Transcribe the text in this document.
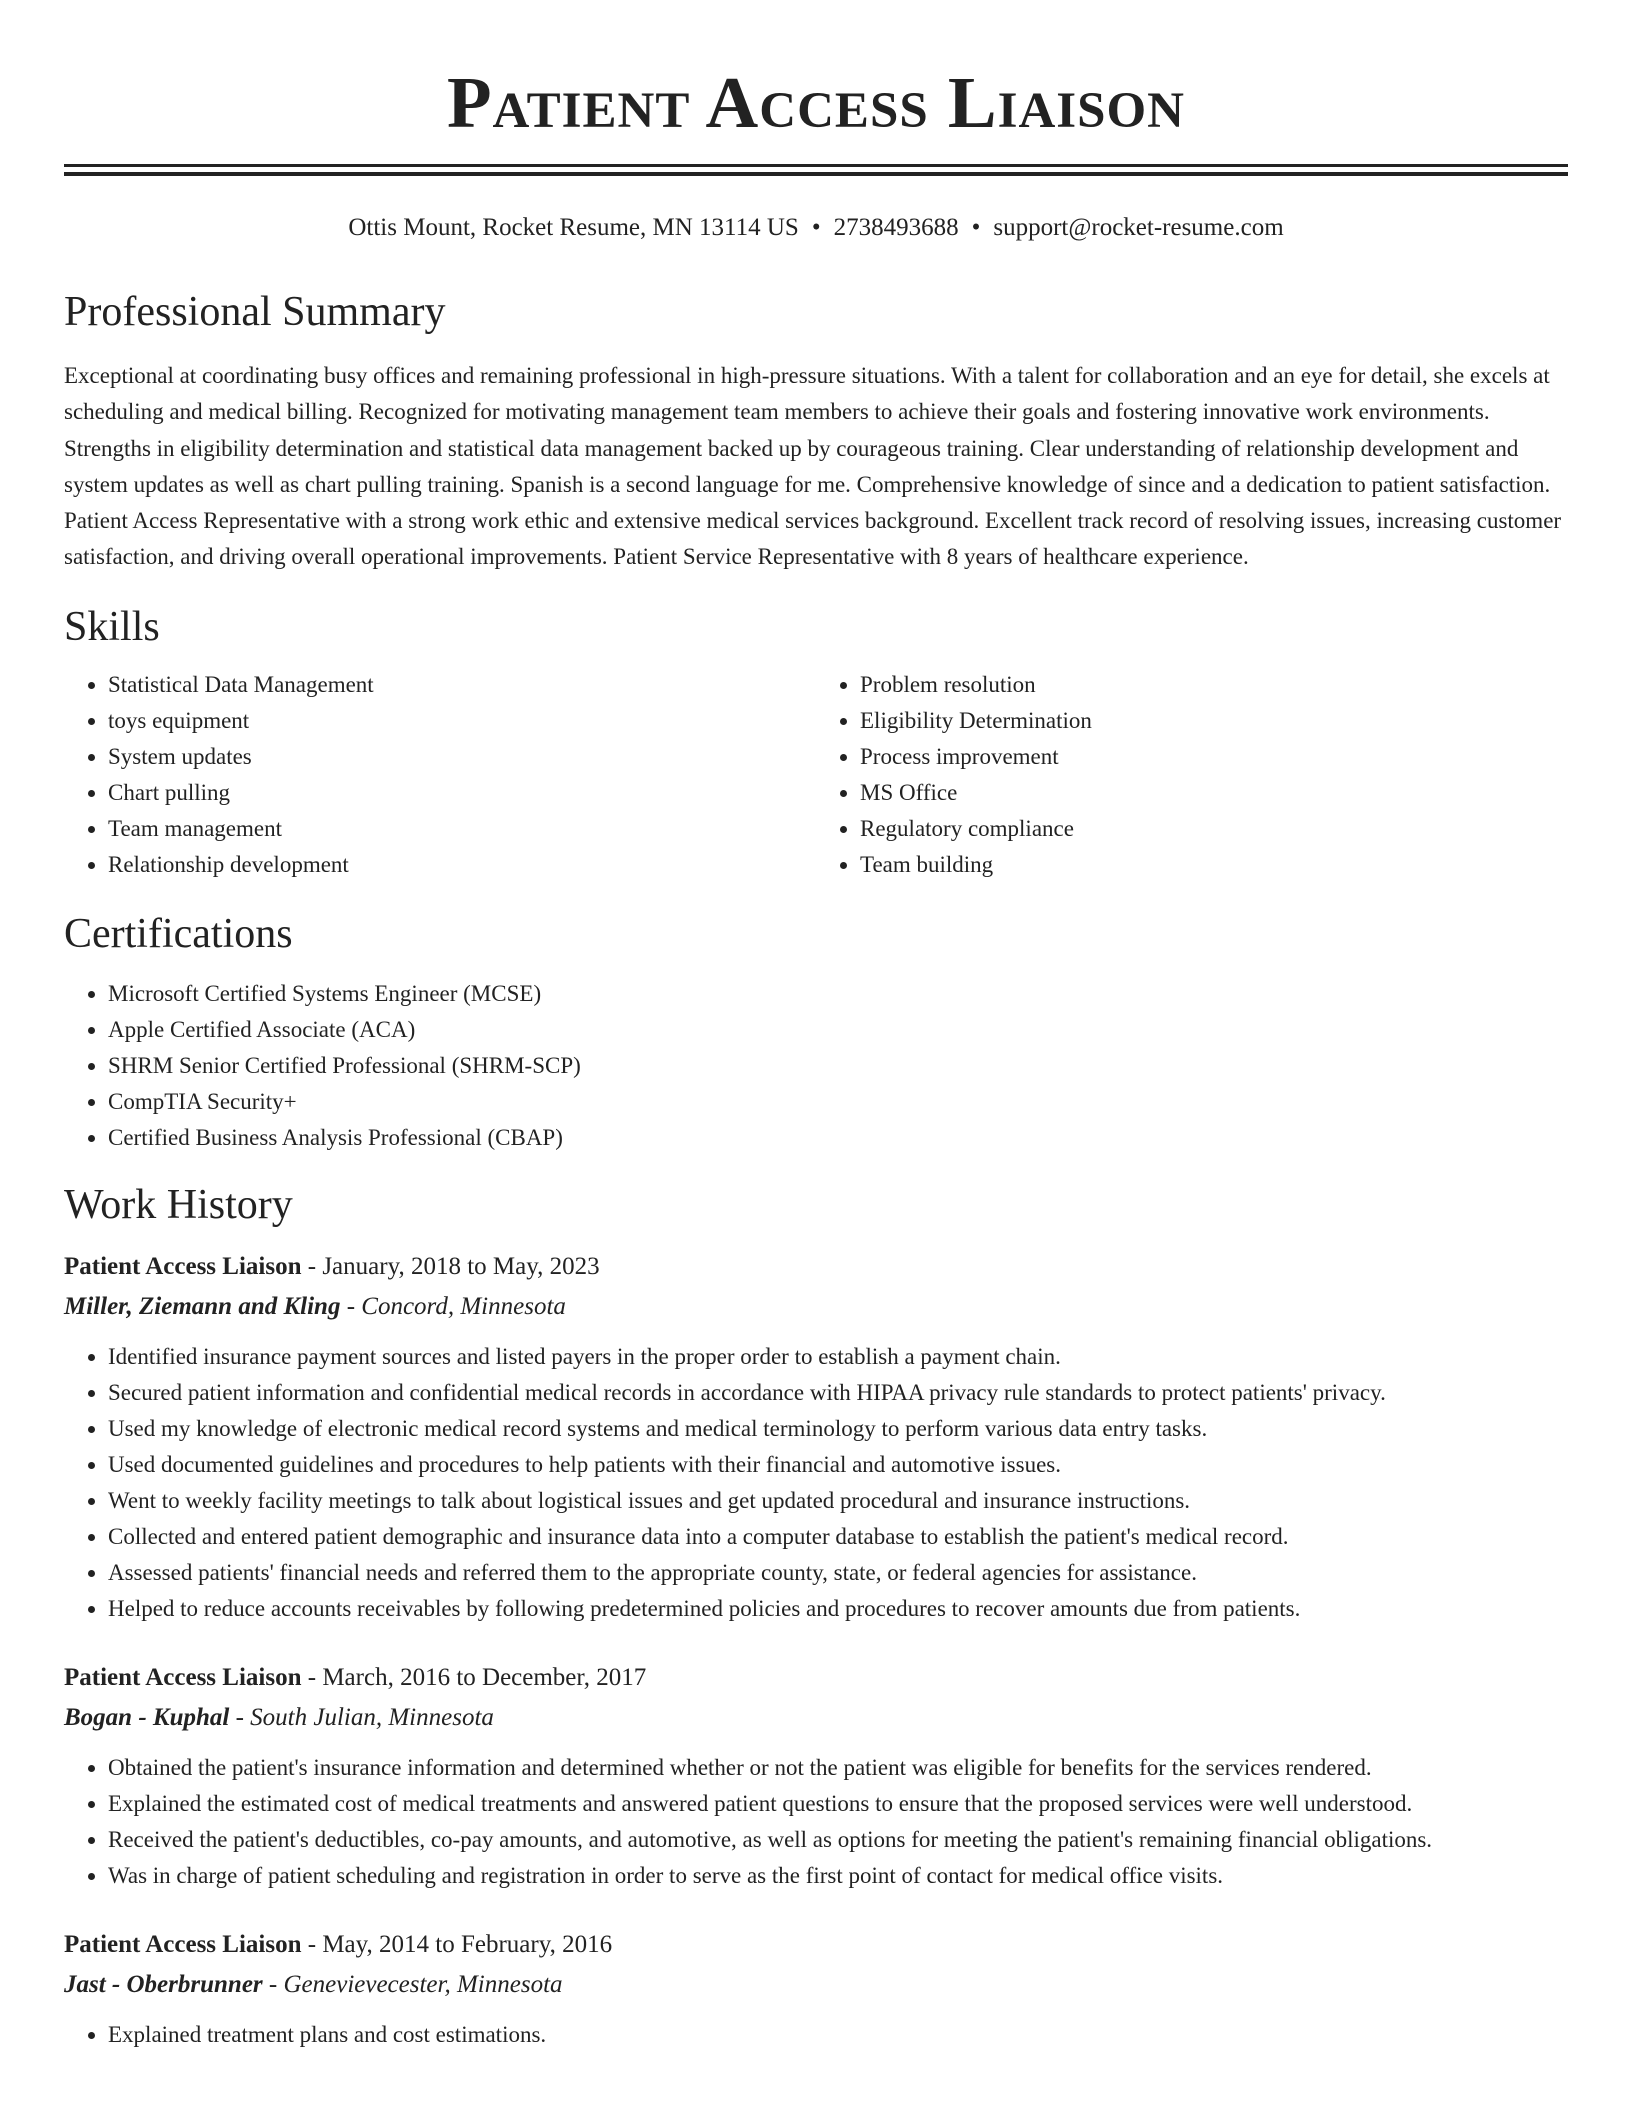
Patient Access Liaison
Ottis Mount, Rocket Resume, MN 13114 US • 2738493688 • support@rocket-resume.com
Professional Summary

Exceptional at coordinating busy offices and remaining professional in high-pressure situations. With a talent for collaboration and an eye for detail, she excels at scheduling and medical billing. Recognized for motivating management team members to achieve their goals and fostering innovative work environments. Strengths in eligibility determination and statistical data management backed up by courageous training. Clear understanding of relationship development and system updates as well as chart pulling training. Spanish is a second language for me. Comprehensive knowledge of since and a dedication to patient satisfaction. Patient Access Representative with a strong work ethic and extensive medical services background. Excellent track record of resolving issues, increasing customer satisfaction, and driving overall operational improvements. Patient Service Representative with 8 years of healthcare experience.

Skills
• Statistical Data Management
• toys equipment
• System updates
• Chart pulling
• Team management
• Relationship development
• Problem resolution
• Eligibility Determination
• Process improvement
• MS Office
• Regulatory compliance
• Team building
Certifications
• Microsoft Certified Systems Engineer (MCSE)
• Apple Certified Associate (ACA)
• SHRM Senior Certified Professional (SHRM-SCP)
• CompTIA Security+
• Certified Business Analysis Professional (CBAP)
Work History
Patient Access Liaison - January, 2018 to May, 2023
Miller, Ziemann and Kling - Concord, Minnesota
• Identified insurance payment sources and listed payers in the proper order to establish a payment chain.
• Secured patient information and confidential medical records in accordance with HIPAA privacy rule standards to protect patients' privacy.
• Used my knowledge of electronic medical record systems and medical terminology to perform various data entry tasks.
• Used documented guidelines and procedures to help patients with their financial and automotive issues.
• Went to weekly facility meetings to talk about logistical issues and get updated procedural and insurance instructions.
• Collected and entered patient demographic and insurance data into a computer database to establish the patient's medical record.
• Assessed patients' financial needs and referred them to the appropriate county, state, or federal agencies for assistance.
• Helped to reduce accounts receivables by following predetermined policies and procedures to recover amounts due from patients.
Patient Access Liaison - March, 2016 to December, 2017
Bogan - Kuphal - South Julian, Minnesota
• Obtained the patient's insurance information and determined whether or not the patient was eligible for benefits for the services rendered.
• Explained the estimated cost of medical treatments and answered patient questions to ensure that the proposed services were well understood.
• Received the patient's deductibles, co-pay amounts, and automotive, as well as options for meeting the patient's remaining financial obligations.
• Was in charge of patient scheduling and registration in order to serve as the first point of contact for medical office visits.
Patient Access Liaison - May, 2014 to February, 2016
Jast - Oberbrunner - Genevievecester, Minnesota
• Explained treatment plans and cost estimations.
